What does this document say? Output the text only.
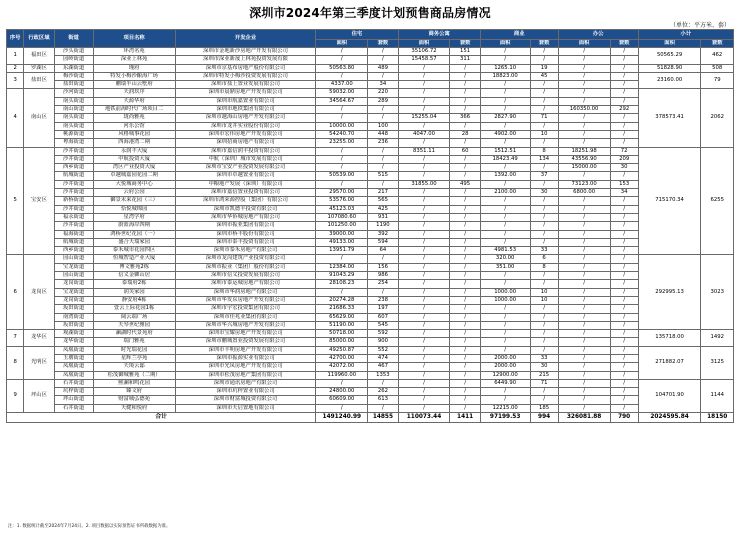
深圳市2024年第三季度计划预售商品房情况
（单位：平方米、套）
序号	行政区域	街道	项目名称	开发企业	住宅		商务公寓		商业		办公		小计	
					面积	套数	面积	套数	面积	套数	面积	套数	面积	套数
1	福田区	沙头街道	环湾名苑	深圳市金地新沙房地产开发有限公司	/	/	35106.72	151	/	/	/	/	50565.29	462
		园岭街道	深业上林苑	深圳市深业新晟上林苑投资发展有限	/	/	15458.57	311	/	/	/	/		
2	罗湖区	东湖街道	瑾府	深圳市京基布房地产股份有限公司	50563.80	489	/	/	1265.10	19	/	/	51828.90	508
3	盐田区	梅沙街道	特发小梅沙酿海广场	深圳市特发小梅沙投资发展有限公司	/	/	/	/	18823.00	45	/	/	23160.00	79
		盐田街道	鹏瑞半山云墅府	深圳市盐上置业发展有限公司	4337.00	34	/	/	/	/	/	/		
4	南山区	沙河街道	天润玖序	深圳市晨鼎房地产开发有限公司	59032.00	220	/	/	/	/	/	/	378573.41	2062
		南头街道	天源华府	深圳市航嘉置业有限公司	34564.67	289	/	/	/	/	/	/		
		南山街道	地铁前海时代广场项目二	深圳市地铁集团有限公司	/	/	/	/	/	/	160350.00	292		
		南头街道	珑尚雅苑	深圳市越海山房地产开发有限公司	/	/	15255.04	366	2827.90	71	/	/		
		南头街道	河乐公馆	深圳市龙井实业股份有限公司	10000.00	100	/	/	/	/	/	/		
		桃源街道	风格城事花园	深圳市宏伟房地产开发有限公司	54240.70	448	4047.00	28	4902.00	10	/	/		
		粤海街道	四海港湾二期	深圳招商房地产有限公司	23255.00	236	/	/	/	/	/	/		
5	宝安区	沙井街道	永润丰大厦	深圳市嘉信润丰投资有限公司	/	/	8351.11	60	1512.51	8	18251.98	72	715170.34	6255
		沙井街道	中航投资大厦	中航（深圳）城市发展有限公司	/	/	/	/	18423.49	134	43556.90	209		
		西乡街道	湾区产业投资大厦	深圳市宝安产业投资发展有限公司	/	/	/	/	/	/	15000.00	30		
		航城街道	卓越城嘉园花园二期	深圳市卓越置业有限公司	50539.00	515	/	/	1392.00	37	/	/		
		沙井街道	大悦城商务中心	中粮地产发展（深圳）有限公司	/	/	31855.00	495	/	/	73123.00	153		
		沙井街道	云府公园	深圳市嘉信置业投资有限公司	29570.00	217	/	/	2100.00	30	6800.00	34		
		新桥街道	御景未来花园（三）	深圳市鸿荣源控股（集团）有限公司	53576.00	565	/	/	/	/	/	/		
		沙井街道	恰悦城锦园	深圳市凯德丰投资有限公司	45123.03	425	/	/	/	/	/	/		
		福永街道	星湾学府	深圳市华侨城房地产有限公司	107080.60	931	/	/	/	/	/	/		
		沙井街道	蔚蓝海岸四期	深圳市振亚集团有限公司	101250.00	1190	/	/	/	/	/	/		
		福海街道	鸿桥世纪花园（一）	深圳市桥丰股份有限公司	39000.00	392	/	/	/	/	/	/		
		航城街道	盛合天瑞家园	深圳市泰丰投资有限公司	49133.00	594	/	/	/	/	/	/		
		西乡街道	泰禾城市花园四区	深圳市泰禾房地产有限公司	13951.79	64	/	/	4981.53	33	/	/		
6	龙岗区	园山街道	恒城智造产业大厦	深圳市龙岗建筑产业投资有限公司	/	/	/	/	320.00	6	/	/	292995.13	3023
		宝龙街道	博文雅苑2栋	深圳市振业（集团）股份有限公司	12384.00	156	/	/	351.00	8	/	/		
		园山街道	信义金御山居	深圳市信义投资发展有限公司	91043.29	986	/	/	/	/	/	/		
		龙岗街道	泰瑞府2栋	深圳市泰运城房地产有限公司	28108.23	254	/	/	/	/	/	/		
		宝龙街道	润芙家园	深圳市华润房地产有限公司	/	/	/	/	1000.00	10	/	/		
		龙岗街道	静安府4栋	深圳市华发东房地产开发有限公司	20274.28	238	/	/	1000.00	10	/	/		
		坂田街道	壹云上际花园1栋	深圳市宇宏投资集团有限公司	21686.33	197	/	/	/	/	/	/		
		南湾街道	阔云端广场	深圳市佳兆业集团有限公司	65629.00	607	/	/	/	/	/	/		
		坂田街道	天琴世纪雅园	深圳市华兴城房地产开发有限公司	51190.00	545	/	/	/	/	/	/		
7	龙华区	观湖街道	澜湖时代景苑府	深圳市宝耀房地产开发有限公司	50718.00	592	/	/	/	/	/	/	135718.00	1492
		龙华街道	瑞门雅苑	深圳市鹏城置业投资发展有限公司	85000.00	900	/	/	/	/	/	/		
8	光明区	凤凰街道	时光瑞花园	深圳市丰明房地产开发有限公司	49250.87	552	/	/	/	/	/	/	271882.07	3125
		玉塘街道	星辉兰亭苑	深圳市振源实业有限公司	42700.00	474	/	/	2000.00	33	/	/		
		凤凰街道	天境云邸	深圳市光凤房地产开发有限公司	42072.00	467	/	/	2000.00	30	/	/		
		凤凰街道	松茂御城雅苑（二期）	深圳市松茂房地产集团有限公司	119960.00	1353	/	/	12900.00	215	/	/		
9	坪山区	石井街道	熙澜和鸣花园	深圳市通讯房地产有限公司	/	/	/	/	6449.90	71	/	/	104701.90	1144
		坑梓街道	臻文府	深圳市坑梓置业有限公司	24800.00	262	/	/	/	/	/	/		
		坪山街道	财富城弘德苑	深圳市财富城投资有限公司	60609.00	613	/	/	/	/	/	/		
		石井街道	天健和悦府	深圳市天启置地有限公司	/	/	/	/	12215.00	185	/	/		
合计					1491240.99	14855	110073.44	1411	97199.53	994	326081.88	790	2024595.84	18150
注：1. 数据统计截至2024年7月24日。2. 项目数据以实际预售证书所载数据为准。
